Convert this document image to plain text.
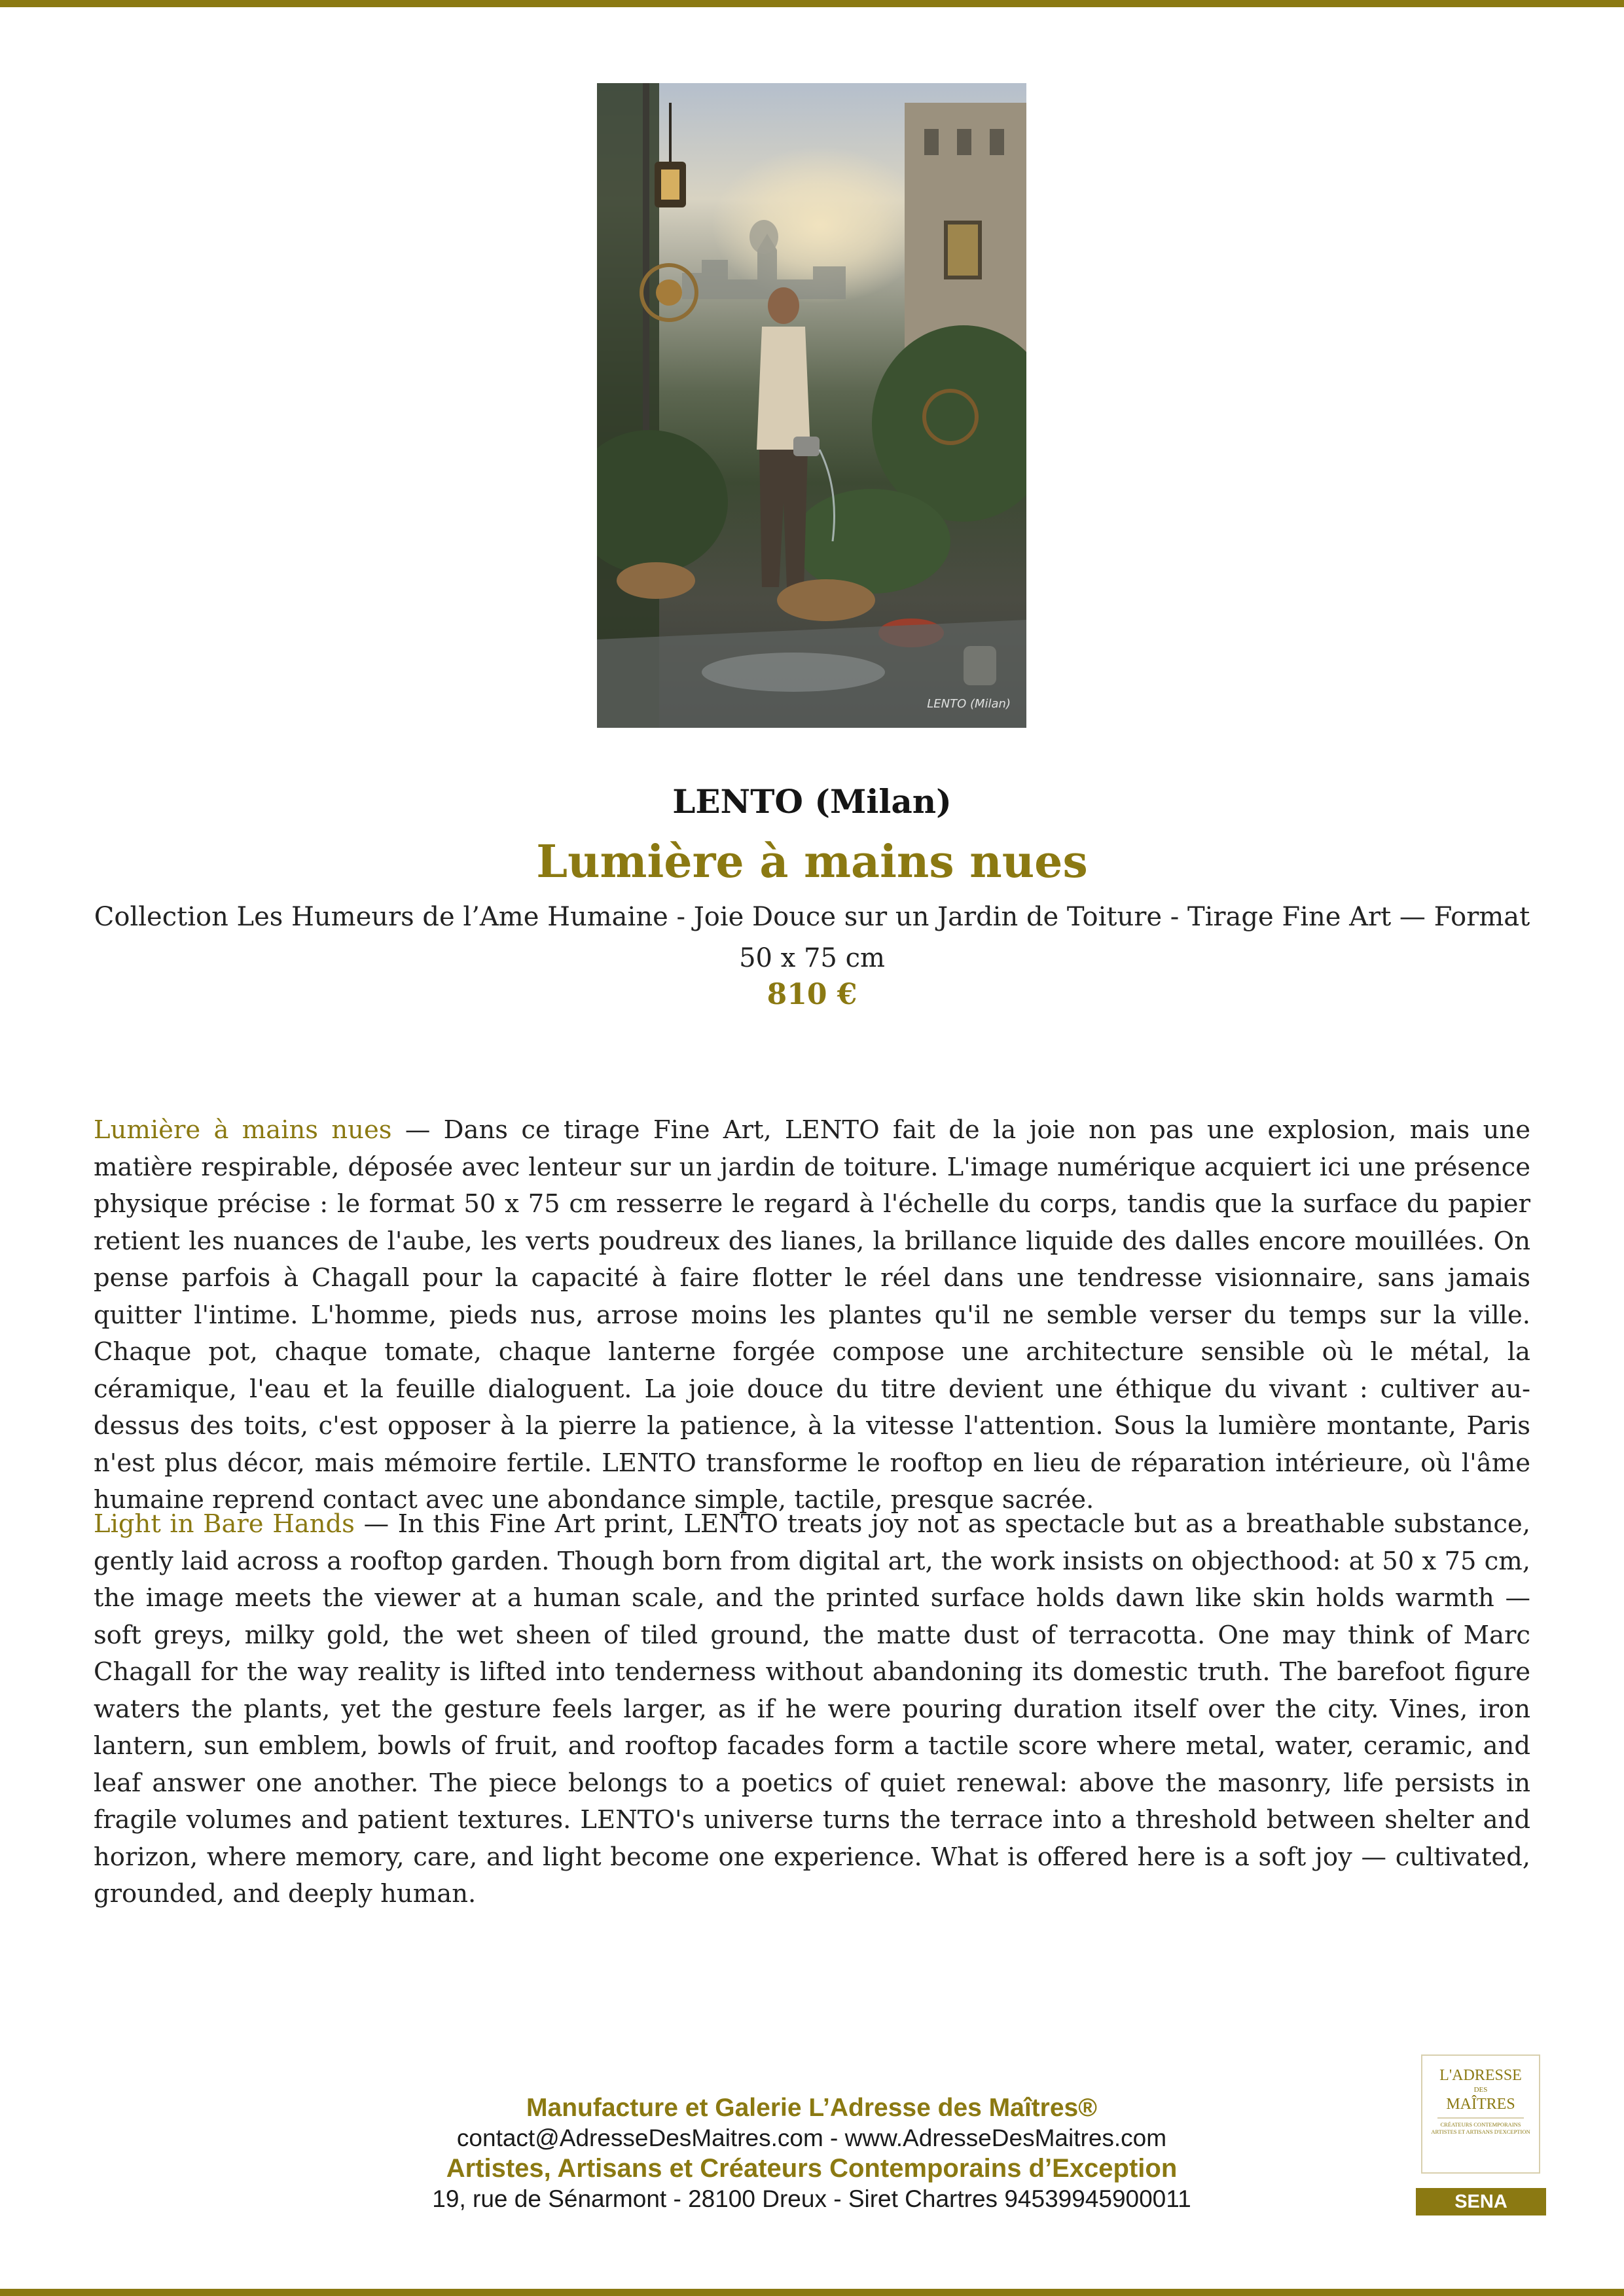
LENTO (Milan)
LENTO (Milan)
Lumière à mains nues
Collection Les Humeurs de l’Ame Humaine - Joie Douce sur un Jardin de Toiture - Tirage Fine Art — Format 50 x 75 cm
810 €

Lumière à mains nues — Dans ce tirage Fine Art, LENTO fait de la joie non pas une explosion, mais une matière respirable, déposée avec lenteur sur un jardin de toiture. L'image numérique acquiert ici une présence physique précise : le format 50 x 75 cm resserre le regard à l'échelle du corps, tandis que la surface du papier retient les nuances de l'aube, les verts poudreux des lianes, la brillance liquide des dalles encore mouillées. On pense parfois à Chagall pour la capacité à faire flotter le réel dans une tendresse visionnaire, sans jamais quitter l'intime. L'homme, pieds nus, arrose moins les plantes qu'il ne semble verser du temps sur la ville. Chaque pot, chaque tomate, chaque lanterne forgée compose une architecture sensible où le métal, la céramique, l'eau et la feuille dialoguent. La joie douce du titre devient une éthique du vivant : cultiver au-dessus des toits, c'est opposer à la pierre la patience, à la vitesse l'attention. Sous la lumière montante, Paris n'est plus décor, mais mémoire fertile. LENTO transforme le rooftop en lieu de réparation intérieure, où l'âme humaine reprend contact avec une abondance simple, tactile, presque sacrée.

Light in Bare Hands — In this Fine Art print, LENTO treats joy not as spectacle but as a breathable substance, gently laid across a rooftop garden. Though born from digital art, the work insists on objecthood: at 50 x 75 cm, the image meets the viewer at a human scale, and the printed surface holds dawn like skin holds warmth — soft greys, milky gold, the wet sheen of tiled ground, the matte dust of terracotta. One may think of Marc Chagall for the way reality is lifted into tenderness without abandoning its domestic truth. The barefoot figure waters the plants, yet the gesture feels larger, as if he were pouring duration itself over the city. Vines, iron lantern, sun emblem, bowls of fruit, and rooftop facades form a tactile score where metal, water, ceramic, and leaf answer one another. The piece belongs to a poetics of quiet renewal: above the masonry, life persists in fragile volumes and patient textures. LENTO's universe turns the terrace into a threshold between shelter and horizon, where memory, care, and light become one experience. What is offered here is a soft joy — cultivated, grounded, and deeply human.

Manufacture et Galerie L’Adresse des Maîtres®
contact@AdresseDesMaitres.com - www.AdresseDesMaitres.com
Artistes, Artisans et Créateurs Contemporains d’Exception
19, rue de Sénarmont - 28100 Dreux - Siret Chartres 94539945900011
L'ADRESSE
DES
MAÎTRES
CRÉATEURS CONTEMPORAINS ARTISTES ET ARTISANS D'EXCEPTION
SENA
